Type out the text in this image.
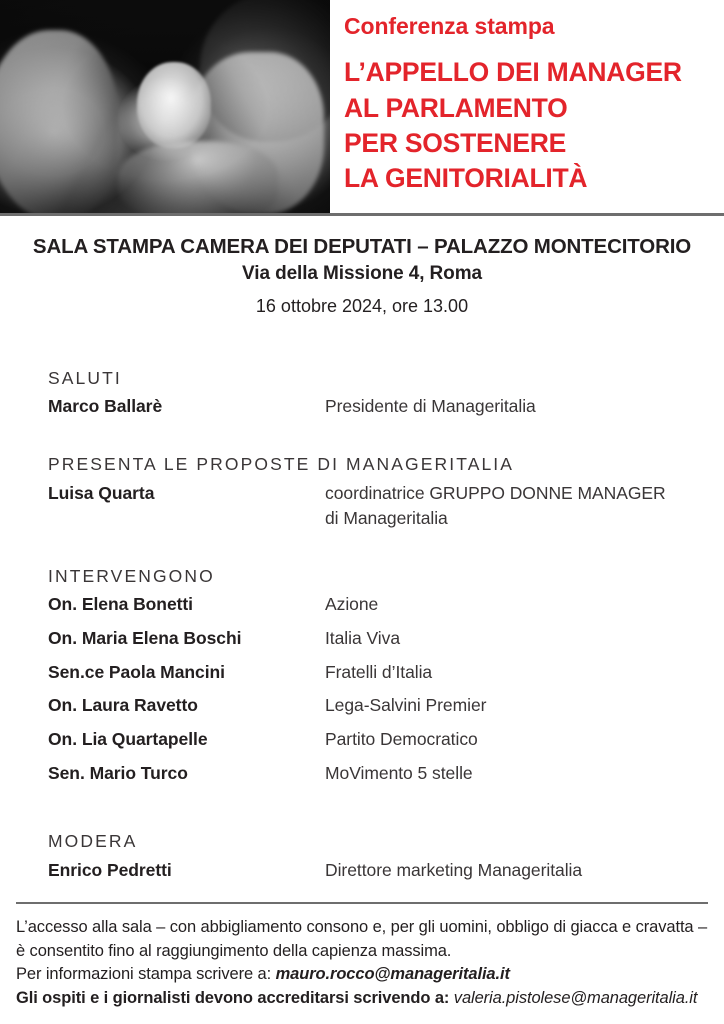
Conferenza stampa
L’APPELLO DEI MANAGER
AL PARLAMENTO
PER SOSTENERE
LA GENITORIALITÀ
SALA STAMPA CAMERA DEI DEPUTATI – PALAZZO MONTECITORIO
Via della Missione 4, Roma
16 ottobre 2024, ore 13.00
SALUTI
Marco Ballarè	Presidente di Manageritalia
PRESENTA LE PROPOSTE DI MANAGERITALIA
Luisa Quarta	coordinatrice GRUPPO DONNE MANAGER
di Manageritalia
INTERVENGONO
On. Elena Bonetti	Azione
On. Maria Elena Boschi	Italia Viva
Sen.ce Paola Mancini	Fratelli d’Italia
On. Laura Ravetto	Lega-Salvini Premier
On. Lia Quartapelle	Partito Democratico
Sen. Mario Turco	MoVimento 5 stelle
MODERA
Enrico Pedretti	Direttore marketing Manageritalia

L’accesso alla sala – con abbigliamento consono e, per gli uomini, obbligo di giacca e cravatta – è consentito fino al raggiungimento della capienza massima.

Per informazioni stampa scrivere a: mauro.rocco@manageritalia.it

Gli ospiti e i giornalisti devono accreditarsi scrivendo a: valeria.pistolese@manageritalia.it
